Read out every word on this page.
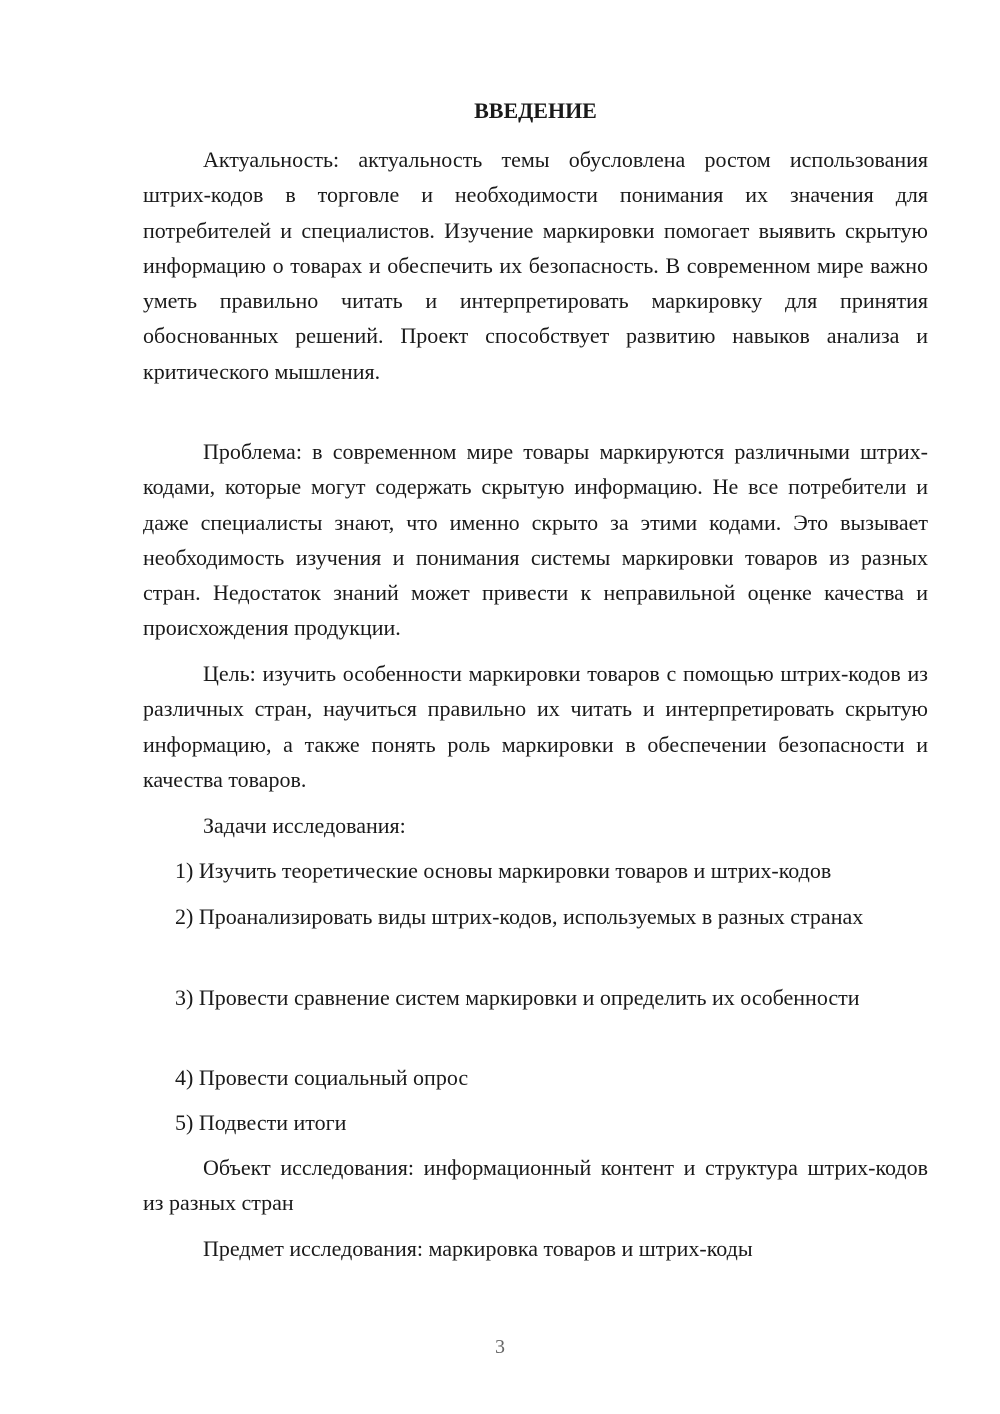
ВВЕДЕНИЕ

Актуальность: актуальность темы обусловлена ростом использования штрих-кодов в торговле и необходимости понимания их значения для потребителей и специалистов. Изучение маркировки помогает выявить скрытую информацию о товарах и обеспечить их безопасность. В современном мире важно уметь правильно читать и интерпретировать маркировку для принятия обоснованных решений. Проект способствует развитию навыков анализа и критического мышления.

Проблема: в современном мире товары маркируются различными штрих-кодами, которые могут содержать скрытую информацию. Не все потребители и даже специалисты знают, что именно скрыто за этими кодами. Это вызывает необходимость изучения и понимания системы маркировки товаров из разных стран. Недостаток знаний может привести к неправильной оценке качества и происхождения продукции.

Цель: изучить особенности маркировки товаров с помощью штрих-кодов из различных стран, научиться правильно их читать и интерпретировать скрытую информацию, а также понять роль маркировки в обеспечении безопасности и качества товаров.

Задачи исследования:

1) Изучить теоретические основы маркировки товаров и штрих-кодов

2) Проанализировать виды штрих-кодов, используемых в разных странах

3) Провести сравнение систем маркировки и определить их особенности

4) Провести социальный опрос

5) Подвести итоги

Объект исследования: информационный контент и структура штрих-кодов из разных стран

Предмет исследования: маркировка товаров и штрих-коды

3
